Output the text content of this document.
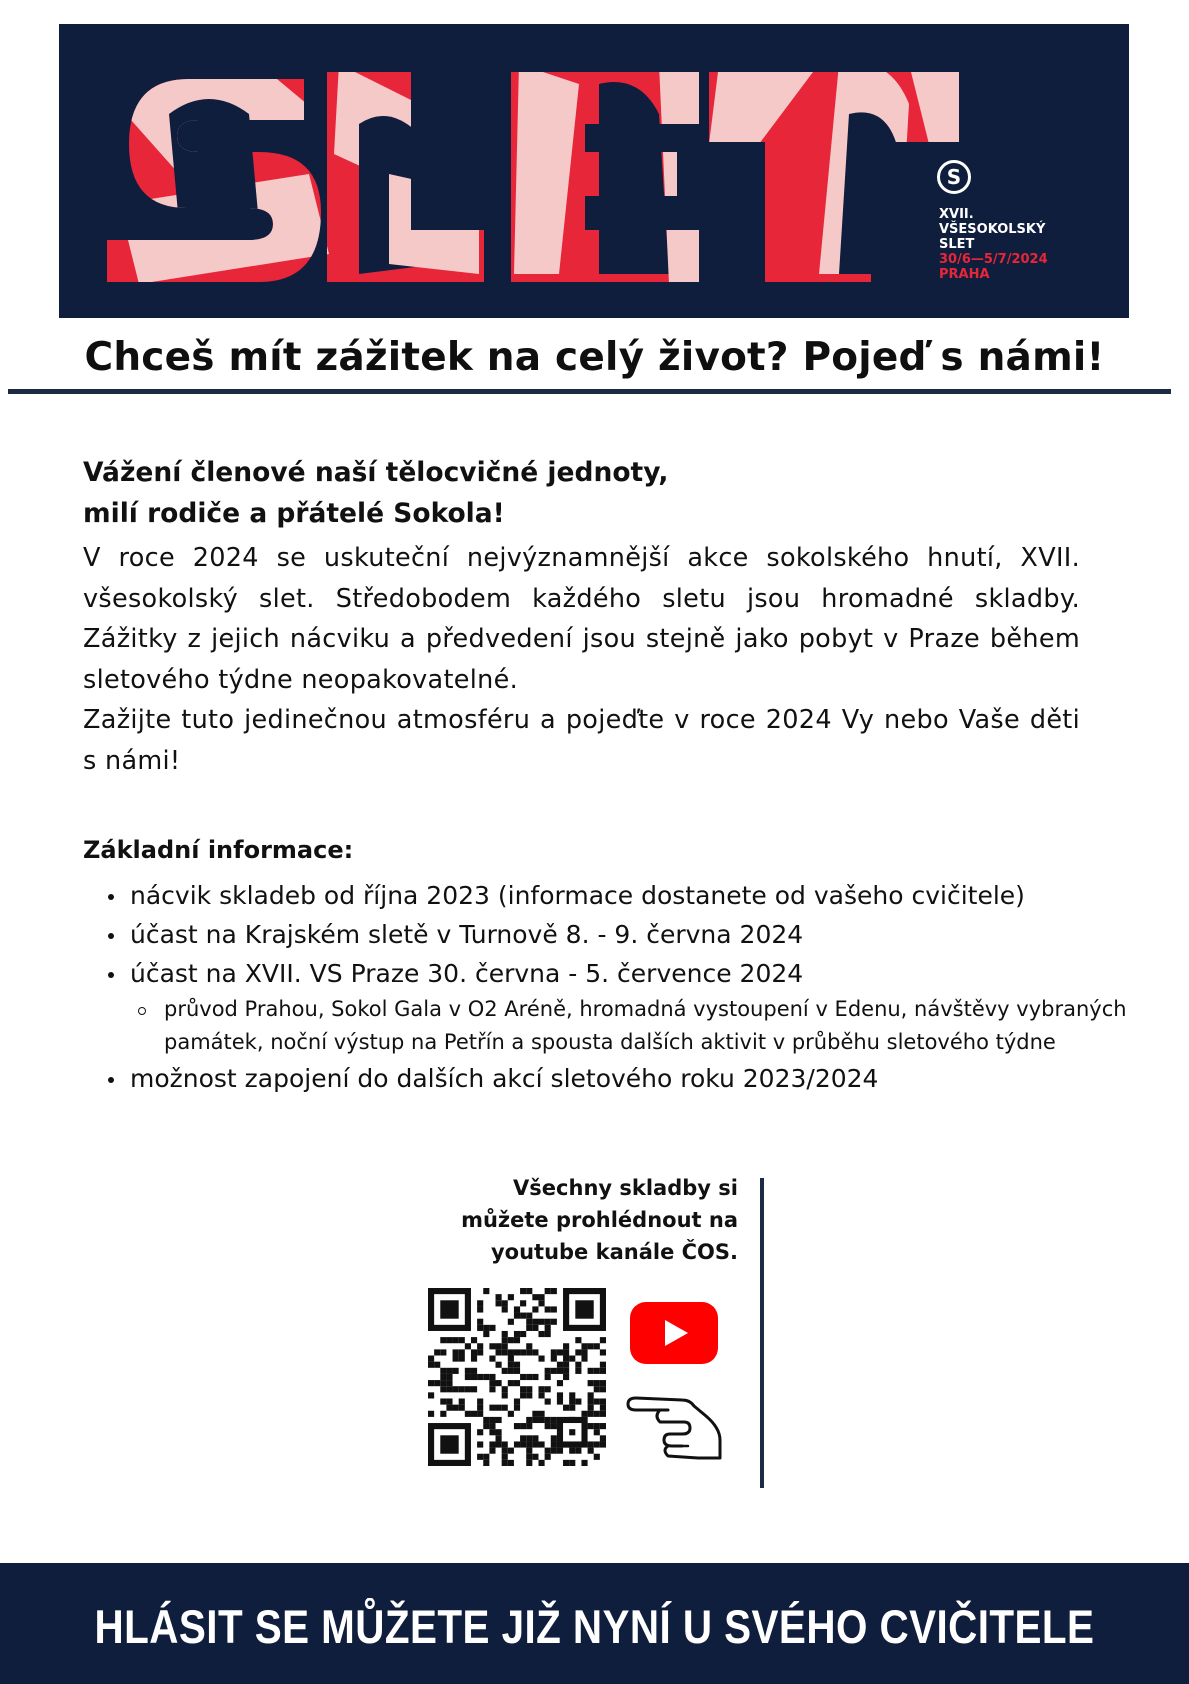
S
XVII.
VŠESOKOLSKÝ
SLET
30/6—5/7/2024
PRAHA
Chceš mít zážitek na celý život? Pojeď s námi!
Vážení členové naší tělocvičné jednoty,
milí rodiče a přátelé Sokola!

V roce 2024 se uskuteční nejvýznamnější akce sokolského hnutí, XVII. všesokolský slet. Středobodem každého sletu jsou hromadné skladby. Zážitky z jejich nácviku a předvedení jsou stejně jako pobyt v Praze během sletového týdne neopakovatelné.

Zažijte tuto jedinečnou atmosféru a pojeďte v roce 2024 Vy nebo Vaše děti s námi!

Základní informace:
nácvik skladeb od října 2023 (informace dostanete od vašeho cvičitele)
účast na Krajském sletě v Turnově 8. - 9. června 2024
účast na XVII. VS Praze 30. června - 5. července 2024
průvod Prahou, Sokol Gala v O2 Aréně, hromadná vystoupení v Edenu, návštěvy vybraných památek, noční výstup na Petřín a spousta dalších aktivit v průběhu sletového týdne
možnost zapojení do dalších akcí sletového roku 2023/2024
Všechny skladby si
můžete prohlédnout na
youtube kanále ČOS.
HLÁSIT SE MŮŽETE JIŽ NYNÍ U SVÉHO CVIČITELE
